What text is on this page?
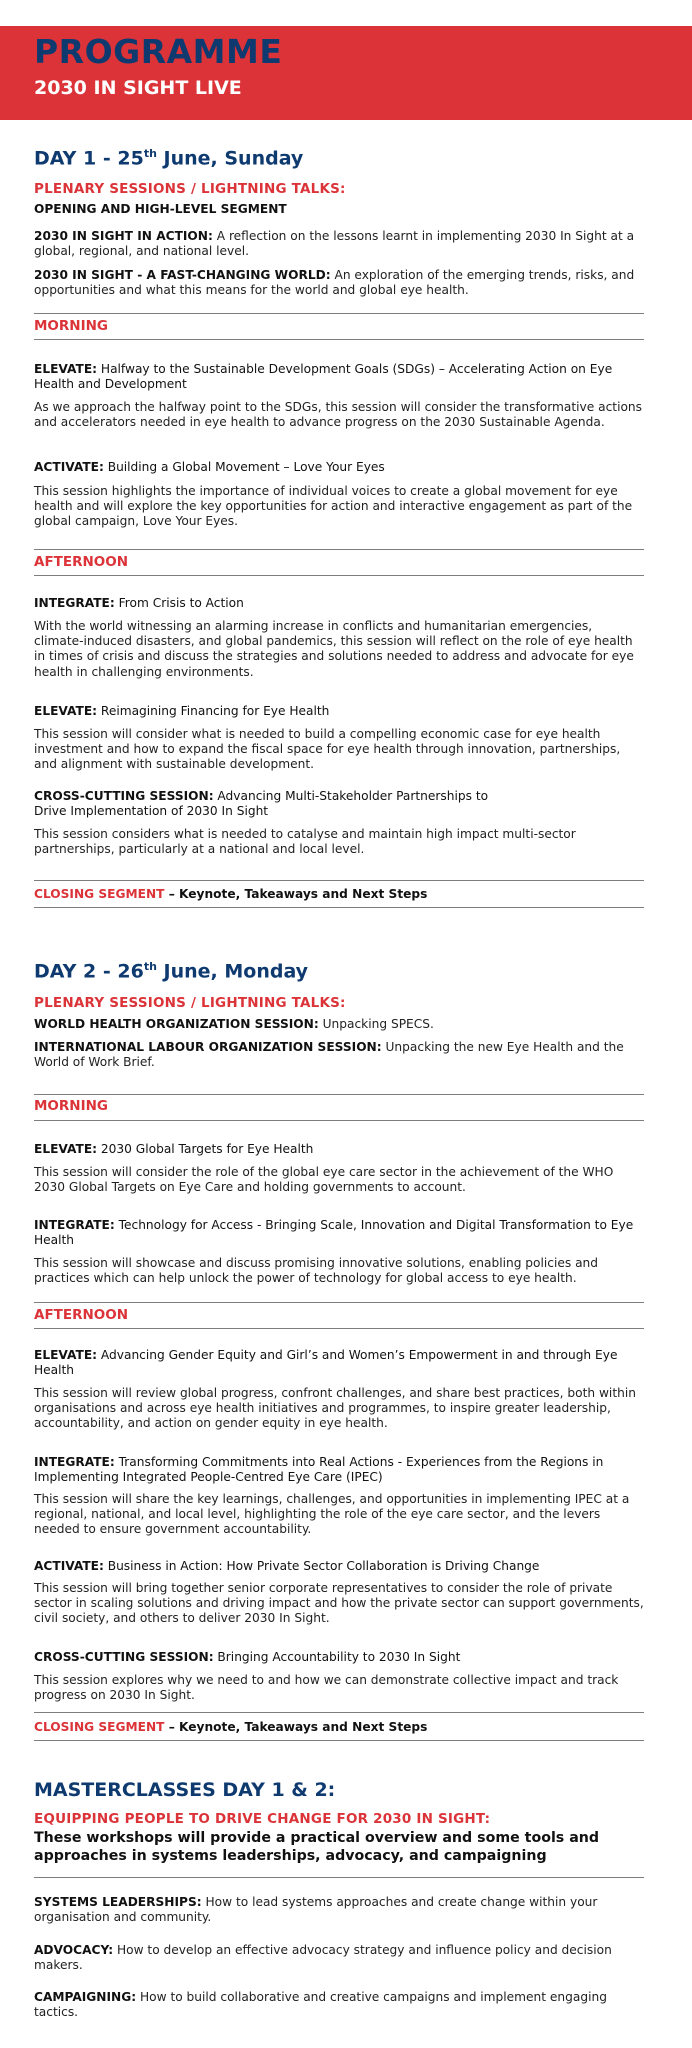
PROGRAMME
2030 IN SIGHT LIVE
DAY 1 - 25th June, Sunday
PLENARY SESSIONS / LIGHTNING TALKS:
OPENING AND HIGH-LEVEL SEGMENT
2030 IN SIGHT IN ACTION: A reflection on the lessons learnt in implementing 2030 In Sight at a global, regional, and national level.
2030 IN SIGHT - A FAST-CHANGING WORLD: An exploration of the emerging trends, risks, and opportunities and what this means for the world and global eye health.
MORNING
ELEVATE: Halfway to the Sustainable Development Goals (SDGs) – Accelerating Action on Eye Health and Development
As we approach the halfway point to the SDGs, this session will consider the transformative actions and accelerators needed in eye health to advance progress on the 2030 Sustainable Agenda.
ACTIVATE: Building a Global Movement – Love Your Eyes
This session highlights the importance of individual voices to create a global movement for eye health and will explore the key opportunities for action and interactive engagement as part of the global campaign, Love Your Eyes.
AFTERNOON
INTEGRATE: From Crisis to Action
With the world witnessing an alarming increase in conflicts and humanitarian emergencies, climate-induced disasters, and global pandemics, this session will reflect on the role of eye health in times of crisis and discuss the strategies and solutions needed to address and advocate for eye health in challenging environments.
ELEVATE: Reimagining Financing for Eye Health
This session will consider what is needed to build a compelling economic case for eye health investment and how to expand the fiscal space for eye health through innovation, partnerships, and alignment with sustainable development.
CROSS-CUTTING SESSION: Advancing Multi-Stakeholder Partnerships to Drive Implementation of 2030 In Sight
This session considers what is needed to catalyse and maintain high impact multi-sector partnerships, particularly at a national and local level.
CLOSING SEGMENT – Keynote, Takeaways and Next Steps
DAY 2 - 26th June, Monday
PLENARY SESSIONS / LIGHTNING TALKS:
WORLD HEALTH ORGANIZATION SESSION: Unpacking SPECS.
INTERNATIONAL LABOUR ORGANIZATION SESSION: Unpacking the new Eye Health and the World of Work Brief.
MORNING
ELEVATE: 2030 Global Targets for Eye Health
This session will consider the role of the global eye care sector in the achievement of the WHO 2030 Global Targets on Eye Care and holding governments to account.
INTEGRATE: Technology for Access - Bringing Scale, Innovation and Digital Transformation to Eye Health
This session will showcase and discuss promising innovative solutions, enabling policies and practices which can help unlock the power of technology for global access to eye health.
AFTERNOON
ELEVATE: Advancing Gender Equity and Girl’s and Women’s Empowerment in and through Eye Health
This session will review global progress, confront challenges, and share best practices, both within organisations and across eye health initiatives and programmes, to inspire greater leadership, accountability, and action on gender equity in eye health.
INTEGRATE: Transforming Commitments into Real Actions - Experiences from the Regions in Implementing Integrated People-Centred Eye Care (IPEC)
This session will share the key learnings, challenges, and opportunities in implementing IPEC at a regional, national, and local level, highlighting the role of the eye care sector, and the levers needed to ensure government accountability.
ACTIVATE: Business in Action: How Private Sector Collaboration is Driving Change
This session will bring together senior corporate representatives to consider the role of private sector in scaling solutions and driving impact and how the private sector can support governments, civil society, and others to deliver 2030 In Sight.
CROSS-CUTTING SESSION: Bringing Accountability to 2030 In Sight
This session explores why we need to and how we can demonstrate collective impact and track progress on 2030 In Sight.
CLOSING SEGMENT – Keynote, Takeaways and Next Steps
MASTERCLASSES DAY 1 & 2:
EQUIPPING PEOPLE TO DRIVE CHANGE FOR 2030 IN SIGHT:
These workshops will provide a practical overview and some tools and approaches in systems leaderships, advocacy, and campaigning
SYSTEMS LEADERSHIPS: How to lead systems approaches and create change within your organisation and community.
ADVOCACY: How to develop an effective advocacy strategy and influence policy and decision makers.
CAMPAIGNING: How to build collaborative and creative campaigns and implement engaging tactics.
